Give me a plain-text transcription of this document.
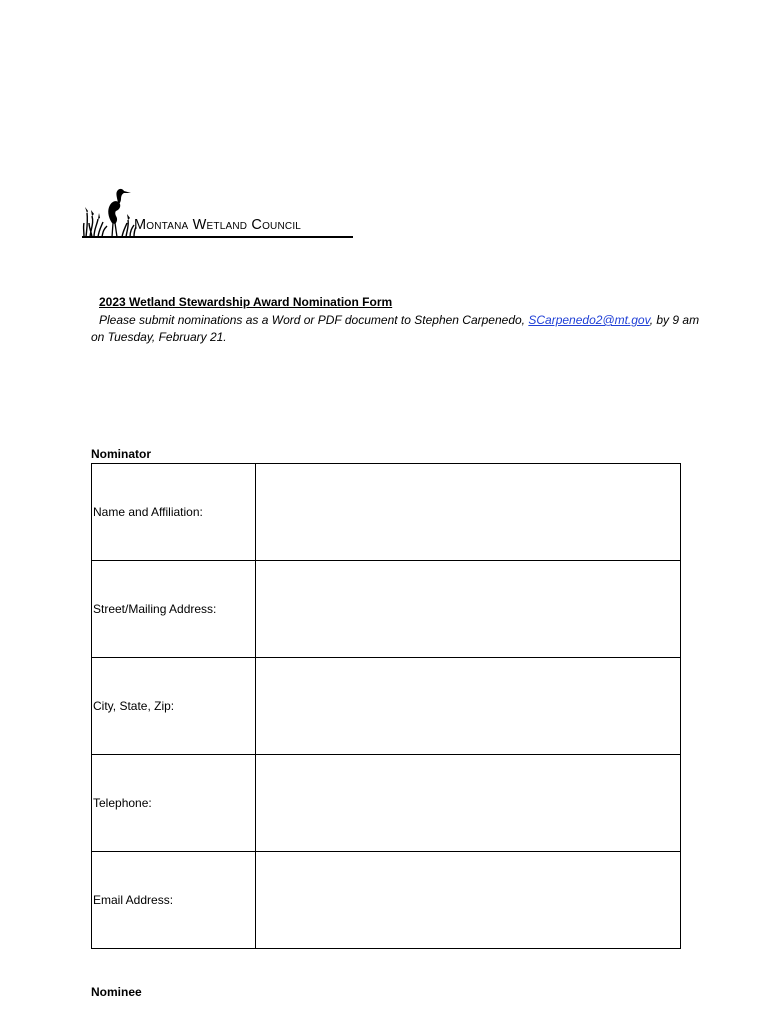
Montana Wetland Council
2023 Wetland Stewardship Award Nomination Form
Please submit nominations as a Word or PDF document to Stephen Carpenedo, SCarpenedo2@mt.gov, by 9 am on Tuesday, February 21.
Nominator
Name and Affiliation:	
Street/Mailing Address:	
City, State, Zip:	
Telephone:	
Email Address:	
Nominee
